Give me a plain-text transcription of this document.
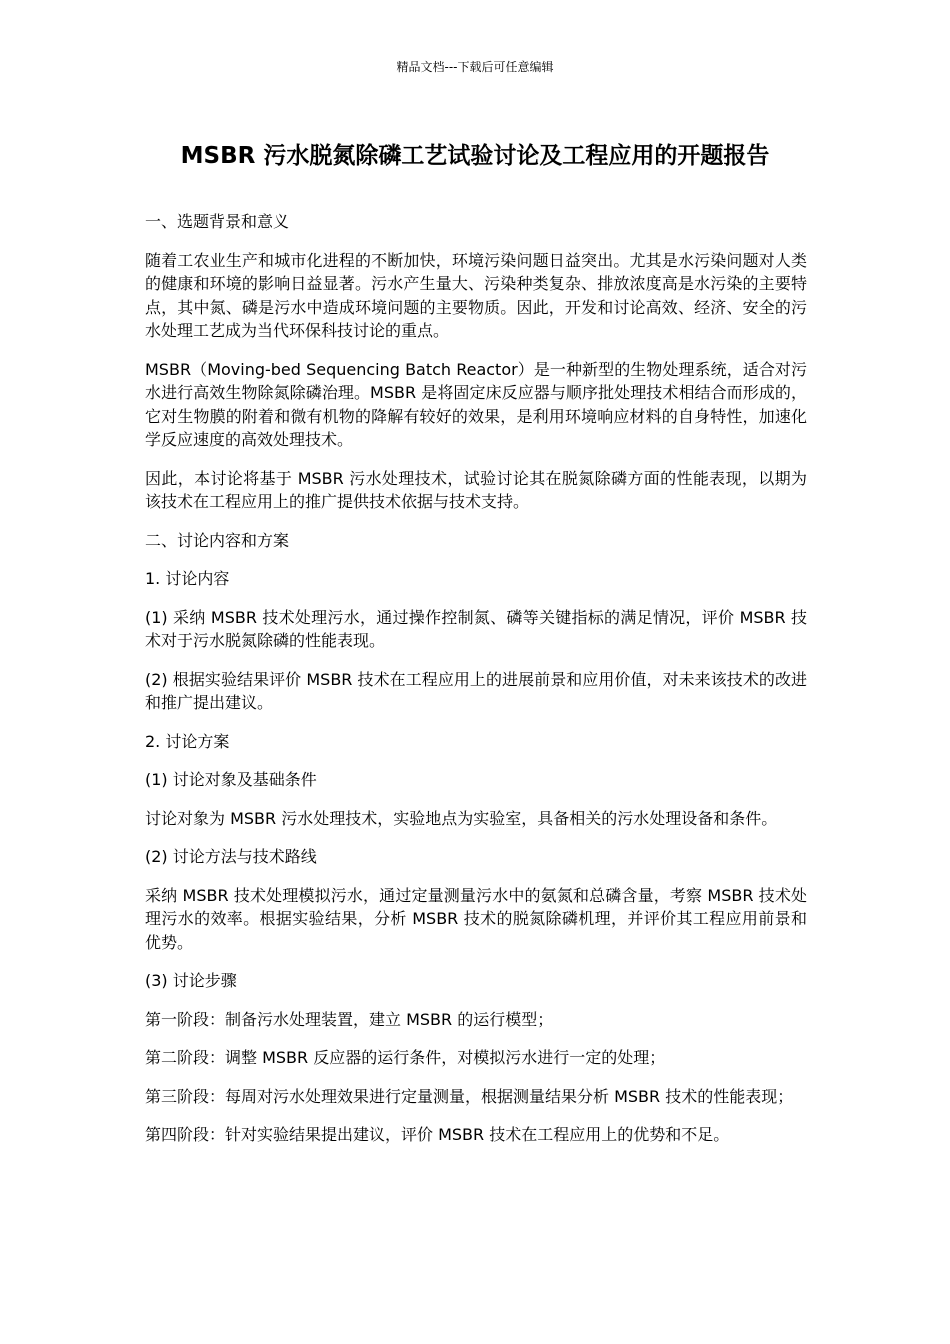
精品文档---下载后可任意编辑
MSBR 污水脱氮除磷工艺试验讨论及工程应用的开题报告

一、选题背景和意义

随着工农业生产和城市化进程的不断加快，环境污染问题日益突出。尤其是水污染问题对人类的健康和环境的影响日益显著。污水产生量大、污染种类复杂、排放浓度高是水污染的主要特点，其中氮、磷是污水中造成环境问题的主要物质。因此，开发和讨论高效、经济、安全的污水处理工艺成为当代环保科技讨论的重点。

MSBR（Moving-bed Sequencing Batch Reactor）是一种新型的生物处理系统，适合对污水进行高效生物除氮除磷治理。MSBR 是将固定床反应器与顺序批处理技术相结合而形成的，它对生物膜的附着和微有机物的降解有较好的效果，是利用环境响应材料的自身特性，加速化学反应速度的高效处理技术。

因此，本讨论将基于 MSBR 污水处理技术，试验讨论其在脱氮除磷方面的性能表现，以期为该技术在工程应用上的推广提供技术依据与技术支持。

二、讨论内容和方案

1. 讨论内容

(1) 采纳 MSBR 技术处理污水，通过操作控制氮、磷等关键指标的满足情况，评价 MSBR 技术对于污水脱氮除磷的性能表现。

(2) 根据实验结果评价 MSBR 技术在工程应用上的进展前景和应用价值，对未来该技术的改进和推广提出建议。

2. 讨论方案

(1) 讨论对象及基础条件

讨论对象为 MSBR 污水处理技术，实验地点为实验室，具备相关的污水处理设备和条件。

(2) 讨论方法与技术路线

采纳 MSBR 技术处理模拟污水，通过定量测量污水中的氨氮和总磷含量，考察 MSBR 技术处理污水的效率。根据实验结果，分析 MSBR 技术的脱氮除磷机理，并评价其工程应用前景和优势。

(3) 讨论步骤

第一阶段：制备污水处理装置，建立 MSBR 的运行模型；

第二阶段：调整 MSBR 反应器的运行条件，对模拟污水进行一定的处理；

第三阶段：每周对污水处理效果进行定量测量，根据测量结果分析 MSBR 技术的性能表现；

第四阶段：针对实验结果提出建议，评价 MSBR 技术在工程应用上的优势和不足。
